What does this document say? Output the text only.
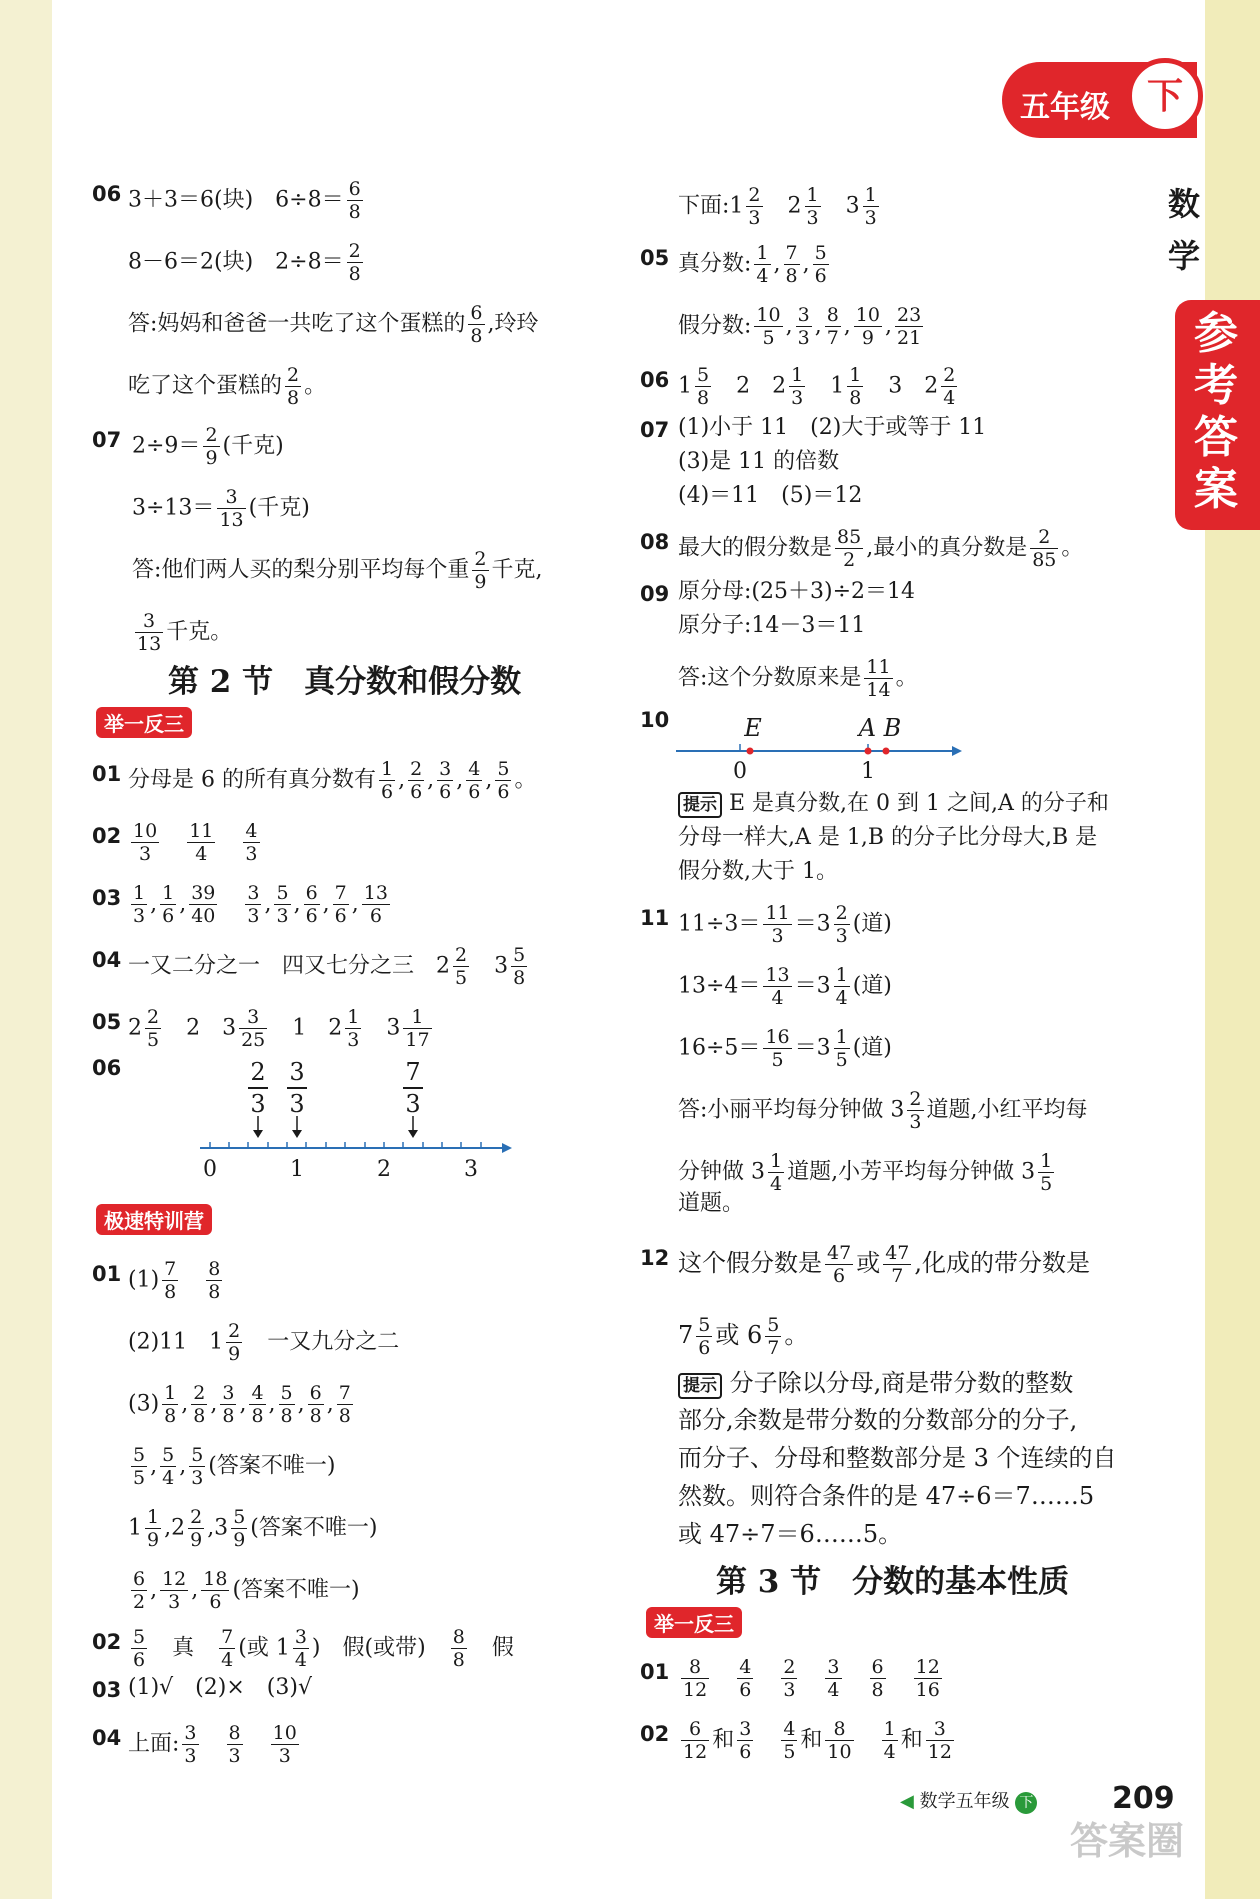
五年级	下
数学
参考答案
06 3＋3＝6(块)　$6\div 8= \frac{6}{8}$
8－6＝2(块)　$2\div 8= \frac{2}{8}$
答:妈妈和爸爸一共吃了这个蛋糕的 $\frac{6}{8}$ ,玲玲
吃了这个蛋糕的 $\frac{2}{8}$ 。
07 $2\div 9= \frac{2}{9}$ (千克)
$3\div 13= \frac{3}{13}$ (千克)
答:他们两人买的梨分别平均每个重 $\frac{2}{9}$ 千克,
$\frac{3}{13}$ 千克。
第 2 节　真分数和假分数
举一反三
01 分母是 6 的所有真分数有 $\frac{1}{6}$ , $\frac{2}{6}$ , $\frac{3}{6}$ , $\frac{4}{6}$ , $\frac{5}{6}$ 。
$02 \frac{10}{3}$
　 $\frac{11}{4}$
　 $\frac{4}{3}$
$03 \frac{1}{3}$ , $\frac{1}{6}$ , $\frac{39}{40}$
　 $\frac{3}{3}$ , $\frac{5}{3}$ , $\frac{6}{6}$ , $\frac{7}{6}$ , $\frac{13}{6}$
04 一又二分之一　四又七分之三　$2 \frac{2}{5}$ 　$3 \frac{5}{8}$
05 $2 \frac{2}{5}$ 　2　$3 \frac{3}{25}$ 　1　$2 \frac{1}{3}$ 　$3 \frac{1}{17}$
06	2
3
3
3
7
3
0	1	2	3
极速特训营
01 $(1) \frac{7}{8}$
　 $\frac{8}{8}$
(2)11　$1 \frac{2}{9}$
　 一又九分之二
$(3) \frac{1}{8}$ , $\frac{2}{8}$ , $\frac{3}{8}$ , $\frac{4}{8}$ , $\frac{5}{8}$ , $\frac{6}{8}$ , $\frac{7}{8}$
$\frac{5}{5}$ , $\frac{5}{4}$ , $\frac{5}{3}$ (答案不唯一)
$1 \frac{1}{9} ,2 \frac{2}{9} ,3 \frac{5}{9}$ (答案不唯一)
$\frac{6}{2}$ , $\frac{12}{3}$ , $\frac{18}{6}$ (答案不唯一)
$02 \frac{5}{6}$
　 真　 $\frac{7}{4}$ (或 $1 \frac{3}{4}$ )　假(或带)　 $\frac{8}{8}$
　 假
03 (1)√　(2)×　(3)√
04 上面: $\frac{3}{3}$
　 $\frac{8}{3}$
　 $\frac{10}{3}$
下面:1 $\frac{2}{3}$ 　$2 \frac{1}{3}$ 　$3 \frac{1}{3}$
05 真分数: $\frac{1}{4}$ , $\frac{7}{8}$ , $\frac{5}{6}$
假分数: $\frac{10}{5}$ , $\frac{3}{3}$ , $\frac{8}{7}$ , $\frac{10}{9}$ , $\frac{23}{21}$
06 $1 \frac{5}{8}$ 　2　$2 \frac{1}{3}$ 　$1 \frac{1}{8}$ 　3　$2 \frac{2}{4}$
07 (1)小于 11　(2)大于或等于 11
(3)是 11 的倍数
(4)＝11　(5)＝12
08 最大的假分数是 $\frac{85}{2}$ ,最小的真分数是 $\frac{2}{85}$ 。
09 原分母:(25＋3)÷2＝14
原分子:14－3＝11
答:这个分数原来是 $\frac{11}{14}$ 。
10	E	A B
0	1
提示 E 是真分数,在 0 到 1 之间,A 的分子和
分母一样大,A 是 1,B 的分子比分母大,B 是
假分数,大于 1。
11 $11\div 3= \frac{11}{3} =3 \frac{2}{3}$ (道)
$13\div 4= \frac{13}{4} =3 \frac{1}{4}$ (道)
$16\div 5= \frac{16}{5} =3 \frac{1}{5}$ (道)
答:小丽平均每分钟做 $3 \frac{2}{3}$ 道题,小红平均每
分钟做 $3 \frac{1}{4}$ 道题,小芳平均每分钟做 $3 \frac{1}{5}$
道题。
12 这个假分数是 $\frac{47}{6}$ 或 $\frac{47}{7}$ ,化成的带分数是
$7 \frac{5}{6}$ 或 $6 \frac{5}{7}$ 。
提示 分子除以分母,商是带分数的整数
部分,余数是带分数的分数部分的分子,
而分子、分母和整数部分是 3 个连续的自
然数。则符合条件的是 47÷6＝7……5
或 47÷7＝6……5。
第 3 节　分数的基本性质
举一反三
$01 \frac{8}{12}$
　 $\frac{4}{6}$
　 $\frac{2}{3}$
　 $\frac{3}{4}$
　 $\frac{6}{8}$
　 $\frac{12}{16}$
$02 \frac{6}{12}$ 和 $\frac{3}{6}$
　 $\frac{4}{5}$ 和 $\frac{8}{10}$
　 $\frac{1}{4}$ 和 $\frac{3}{12}$
◀ 数学五年级 下	209
答案圈
